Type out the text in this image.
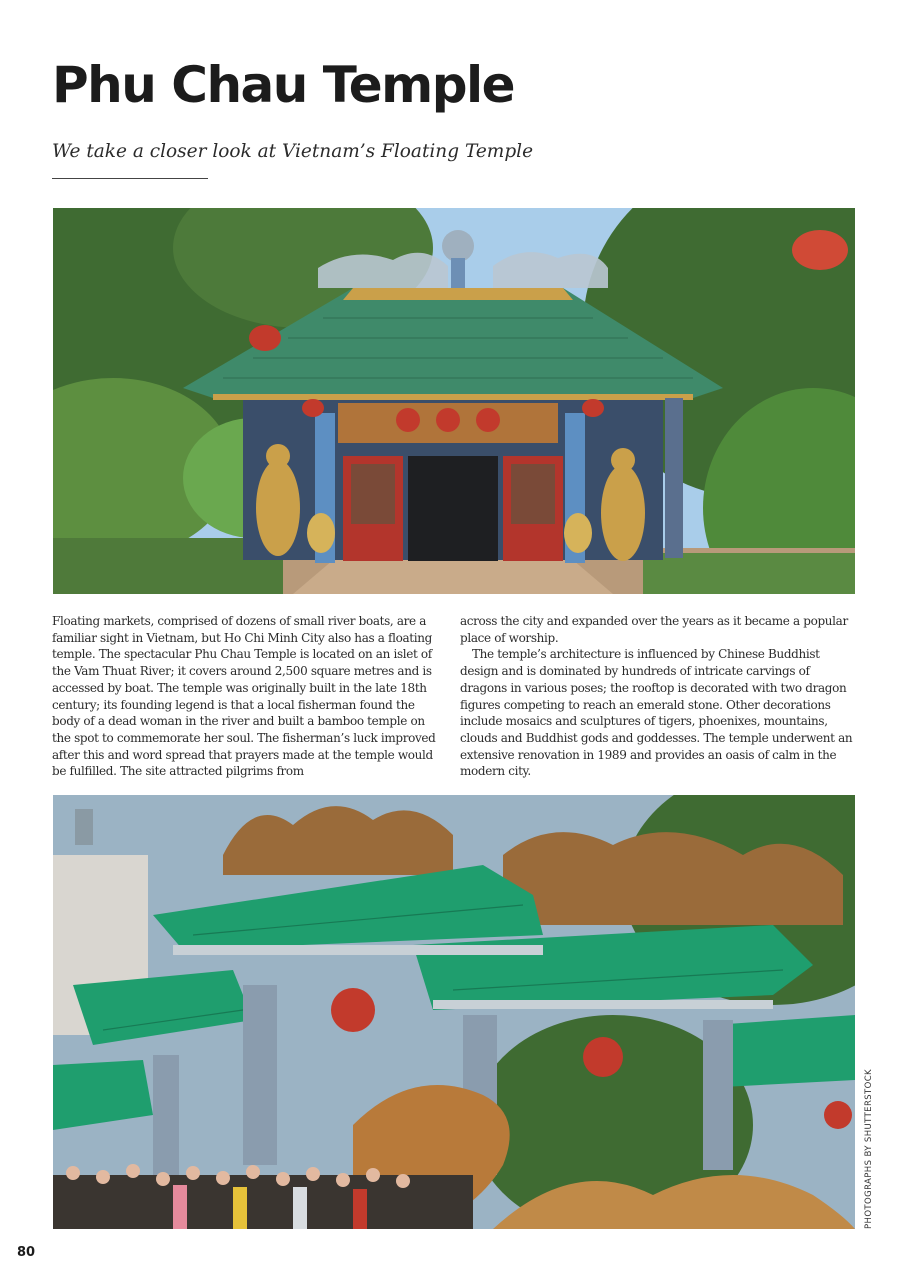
Phu Chau Temple

We take a closer look at Vietnam’s Floating Temple

Floating markets, comprised of dozens of small river boats, are a familiar sight in Vietnam, but Ho Chi Minh City also has a floating temple. The spectacular Phu Chau Temple is located on an islet of the Vam Thuat River; it covers around 2,500 square metres and is accessed by boat. The temple was originally built in the late 18th century; its founding legend is that a local fisherman found the body of a dead woman in the river and built a bamboo temple on the spot to commemorate her soul. The fisherman’s luck improved after this and word spread that prayers made at the temple would be fulfilled. The site attracted pilgrims from

across the city and expanded over the years as it became a popular place of worship.

The temple’s architecture is influenced by Chinese Buddhist design and is dominated by hundreds of intricate carvings of dragons in various poses; the rooftop is decorated with two dragon figures competing to reach an emerald stone. Other decorations include mosaics and sculptures of tigers, phoenixes, mountains, clouds and Buddhist gods and goddesses. The temple underwent an extensive renovation in 1989 and provides an oasis of calm in the modern city.

PHOTOGRAPHS BY SHUTTERSTOCK
80
